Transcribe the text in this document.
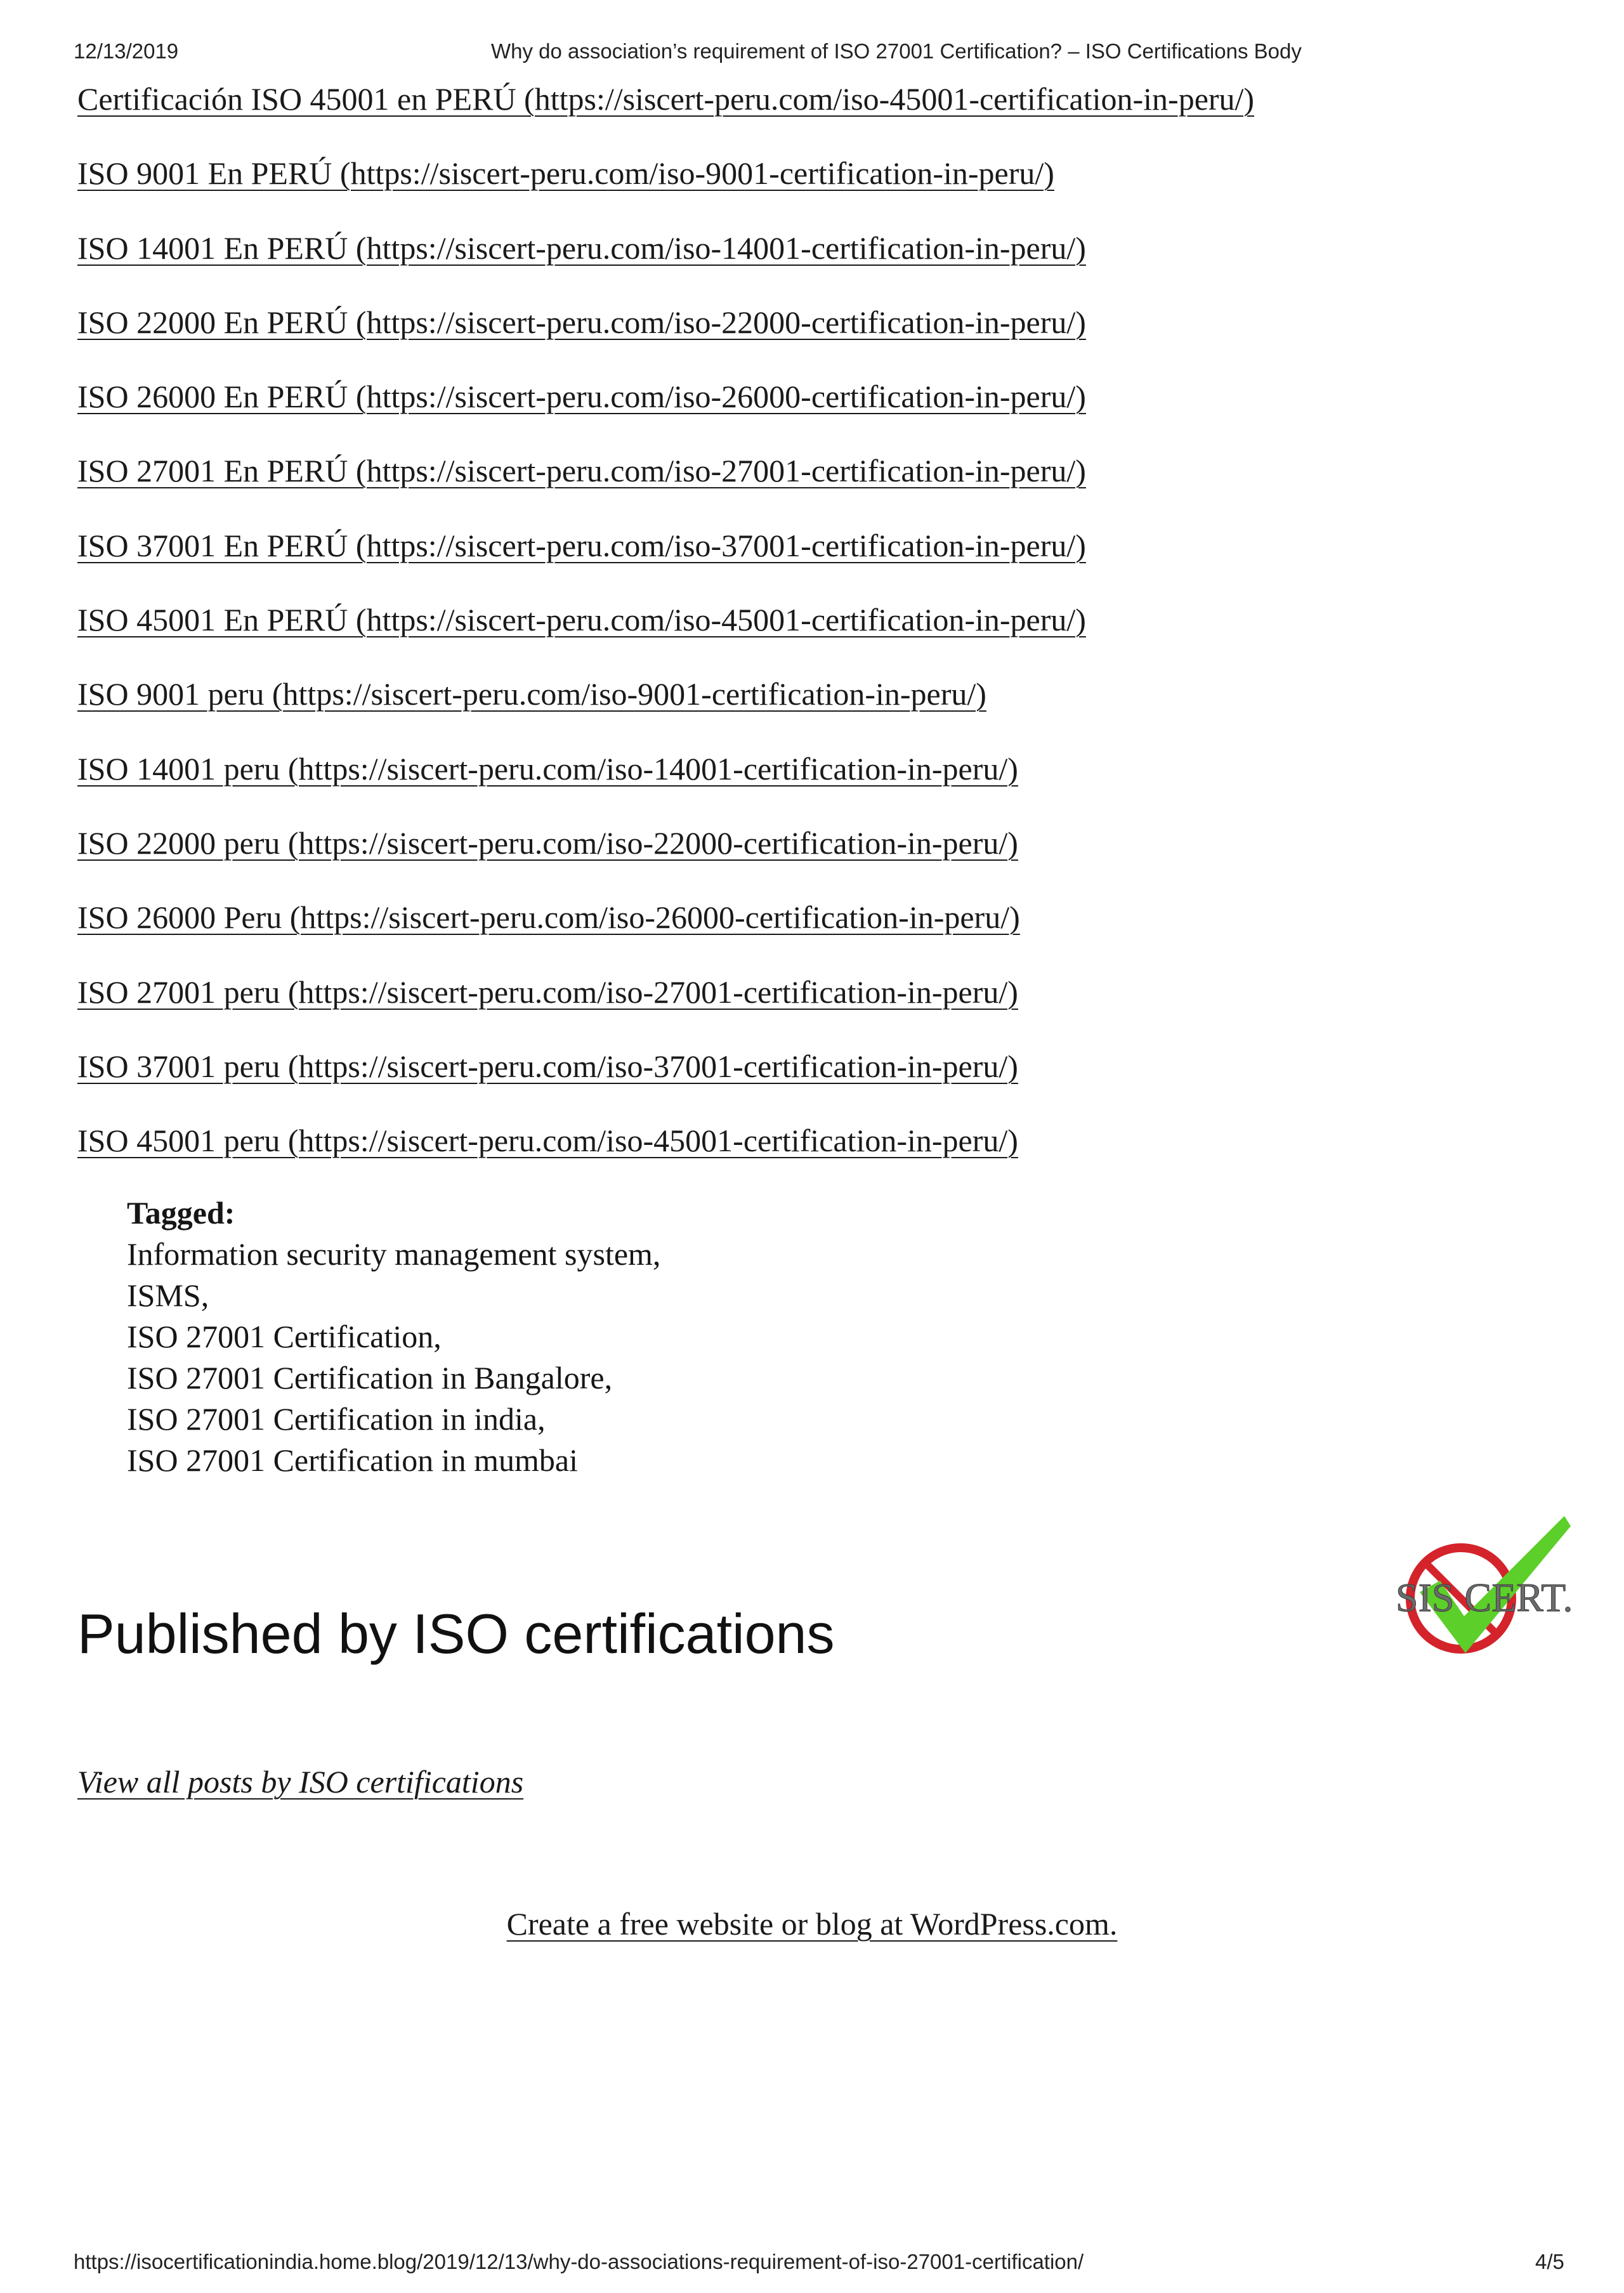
12/13/2019	Why do association’s requirement of ISO 27001 Certification? – ISO Certifications Body
Certificación ISO 45001 en PERÚ (https://siscert-peru.com/iso-45001-certification-in-peru/)
ISO 9001 En PERÚ (https://siscert-peru.com/iso-9001-certification-in-peru/)
ISO 14001 En PERÚ (https://siscert-peru.com/iso-14001-certification-in-peru/)
ISO 22000 En PERÚ (https://siscert-peru.com/iso-22000-certification-in-peru/)
ISO 26000 En PERÚ (https://siscert-peru.com/iso-26000-certification-in-peru/)
ISO 27001 En PERÚ (https://siscert-peru.com/iso-27001-certification-in-peru/)
ISO 37001 En PERÚ (https://siscert-peru.com/iso-37001-certification-in-peru/)
ISO 45001 En PERÚ (https://siscert-peru.com/iso-45001-certification-in-peru/)
ISO 9001 peru (https://siscert-peru.com/iso-9001-certification-in-peru/)
ISO 14001 peru (https://siscert-peru.com/iso-14001-certification-in-peru/)
ISO 22000 peru (https://siscert-peru.com/iso-22000-certification-in-peru/)
ISO 26000 Peru (https://siscert-peru.com/iso-26000-certification-in-peru/)
ISO 27001 peru (https://siscert-peru.com/iso-27001-certification-in-peru/)
ISO 37001 peru (https://siscert-peru.com/iso-37001-certification-in-peru/)
ISO 45001 peru (https://siscert-peru.com/iso-45001-certification-in-peru/)
Tagged:
Information security management system,
ISMS,
ISO 27001 Certification,
ISO 27001 Certification in Bangalore,
ISO 27001 Certification in india,
ISO 27001 Certification in mumbai
SIS CERT.
Published by ISO certifications
View all posts by ISO certifications
Create a free website or blog at WordPress.com.
https://isocertificationindia.home.blog/2019/12/13/why-do-associations-requirement-of-iso-27001-certification/	4/5
